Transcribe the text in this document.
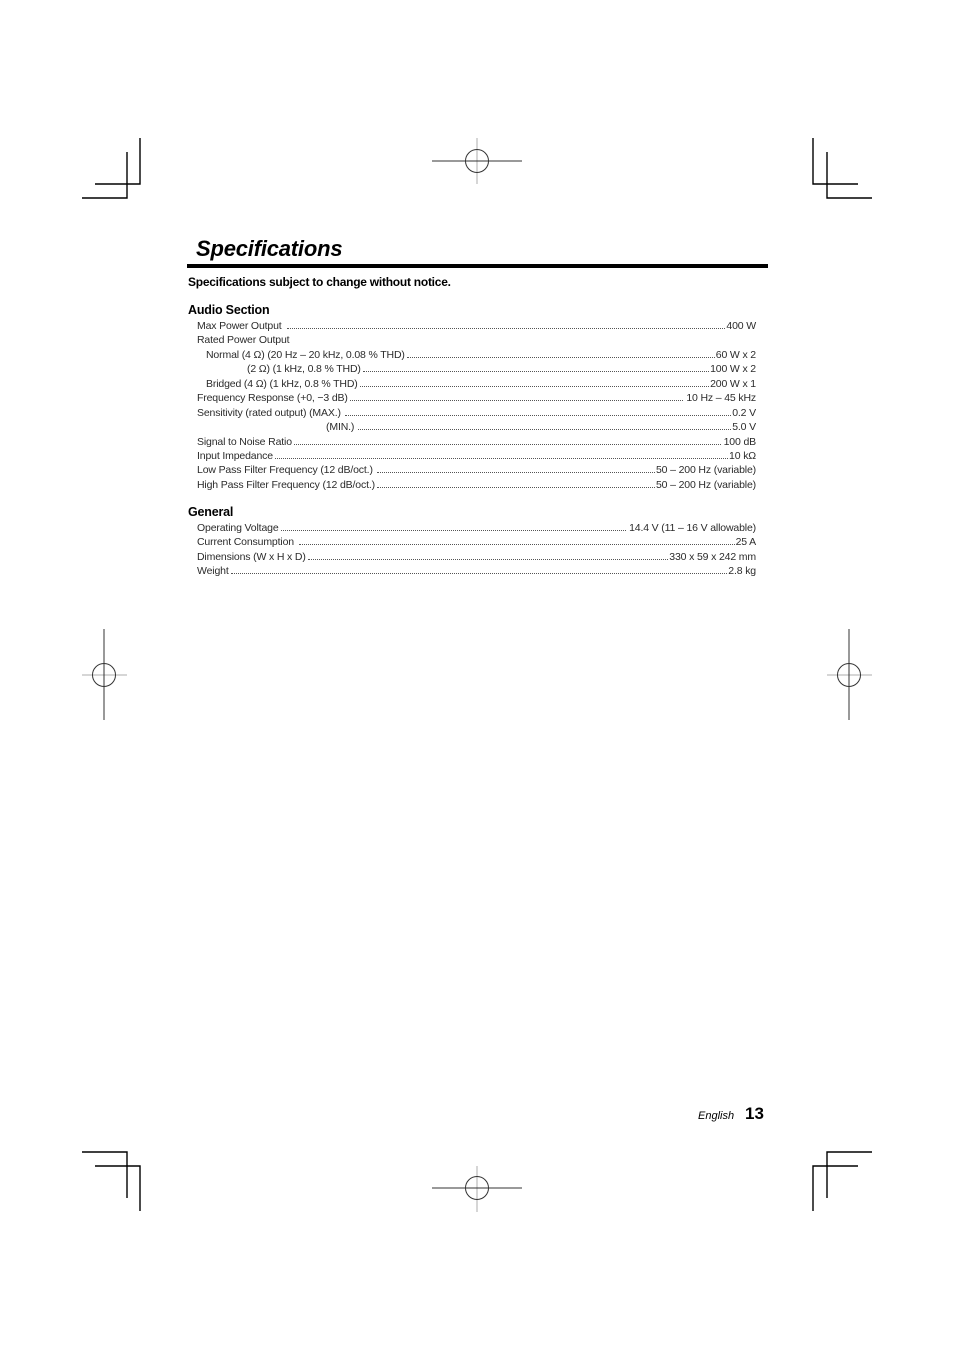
Specifications
Specifications subject to change without notice.
Audio Section
Max Power Output	400 W
Rated Power Output
Normal (4 Ω) (20 Hz – 20 kHz, 0.08 % THD)	60 W x 2
(2 Ω) (1 kHz, 0.8 % THD)	100 W x 2
Bridged (4 Ω) (1 kHz, 0.8 % THD)	200 W x 1
Frequency Response (+0, −3 dB)	10 Hz – 45 kHz
Sensitivity (rated output) (MAX.)	0.2 V
(MIN.)	5.0 V
Signal to Noise Ratio	100 dB
Input Impedance	10 kΩ
Low Pass Filter Frequency (12 dB/oct.)	50 – 200 Hz (variable)
High Pass Filter Frequency (12 dB/oct.)	50 – 200 Hz (variable)
General
Operating Voltage	14.4 V (11 – 16 V allowable)
Current Consumption	25 A
Dimensions (W x H x D)	330 x 59 x 242 mm
Weight	2.8 kg
English 13
